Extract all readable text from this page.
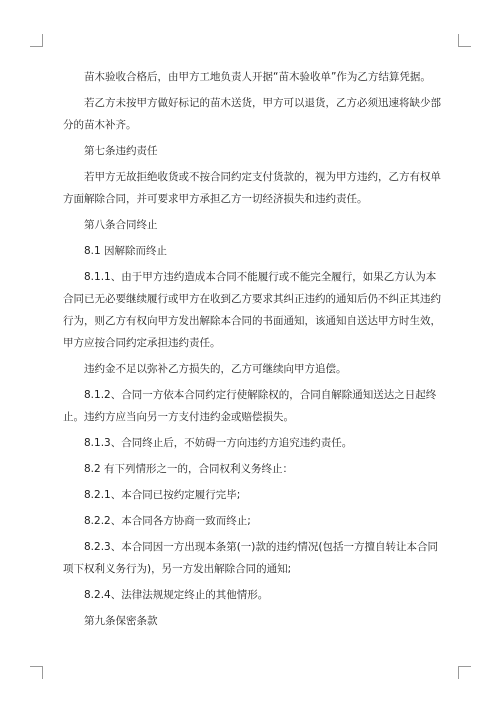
苗木验收合格后，由甲方工地负责人开据“苗木验收单”作为乙方结算凭据。

若乙方未按甲方做好标记的苗木送货，甲方可以退货，乙方必须迅速将缺少部分的苗木补齐。

第七条违约责任

若甲方无故拒绝收货或不按合同约定支付货款的，视为甲方违约，乙方有权单方面解除合同，并可要求甲方承担乙方一切经济损失和违约责任。

第八条合同终止

8.1 因解除而终止

8.1.1、由于甲方违约造成本合同不能履行或不能完全履行，如果乙方认为本合同已无必要继续履行或甲方在收到乙方要求其纠正违约的通知后仍不纠正其违约行为，则乙方有权向甲方发出解除本合同的书面通知，该通知自送达甲方时生效，甲方应按合同约定承担违约责任。

违约金不足以弥补乙方损失的，乙方可继续向甲方追偿。

8.1.2、合同一方依本合同约定行使解除权的，合同自解除通知送达之日起终止。违约方应当向另一方支付违约金或赔偿损失。

8.1.3、合同终止后，不妨碍一方向违约方追究违约责任。

8.2 有下列情形之一的，合同权利义务终止：

8.2.1、本合同已按约定履行完毕;

8.2.2、本合同各方协商一致而终止;

8.2.3、本合同因一方出现本条第(一)款的违约情况(包括一方擅自转让本合同项下权利义务行为)，另一方发出解除合同的通知;

8.2.4、法律法规规定终止的其他情形。

第九条保密条款
